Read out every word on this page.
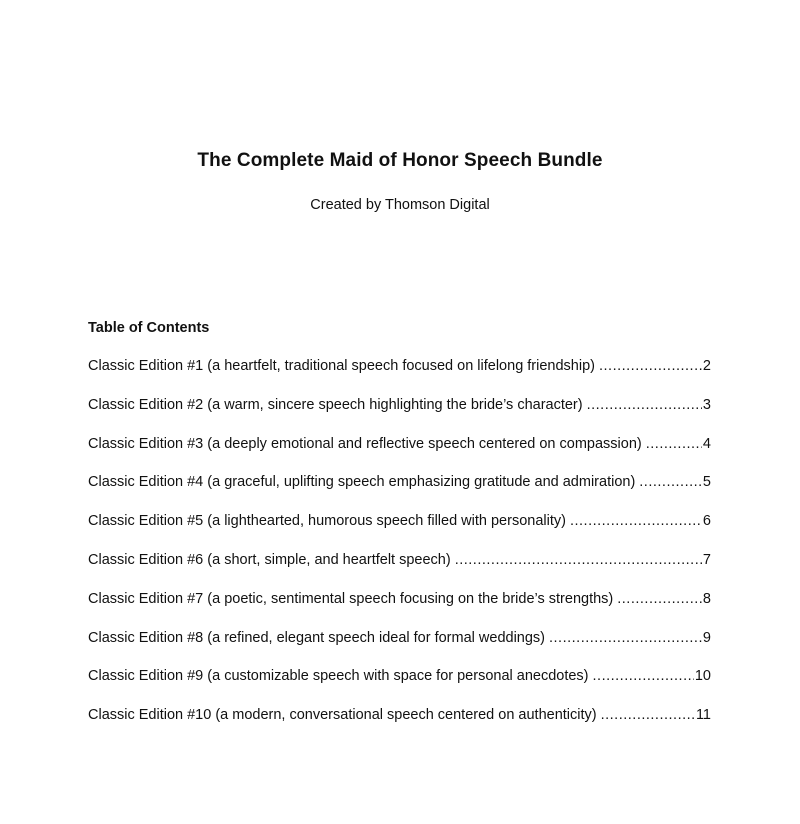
The Complete Maid of Honor Speech Bundle
Created by Thomson Digital
Table of Contents
Classic Edition #1 (a heartfelt, traditional speech focused on lifelong friendship) .....	2
Classic Edition #2 (a warm, sincere speech highlighting the bride’s character) .....	3
Classic Edition #3 (a deeply emotional and reflective speech centered on compassion) .....	4
Classic Edition #4 (a graceful, uplifting speech emphasizing gratitude and admiration) .....	5
Classic Edition #5 (a lighthearted, humorous speech filled with personality) .....	6
Classic Edition #6 (a short, simple, and heartfelt speech) .....	7
Classic Edition #7 (a poetic, sentimental speech focusing on the bride’s strengths) .....	8
Classic Edition #8 (a refined, elegant speech ideal for formal weddings) .....	9
Classic Edition #9 (a customizable speech with space for personal anecdotes) .....	10
Classic Edition #10 (a modern, conversational speech centered on authenticity) .....	11
